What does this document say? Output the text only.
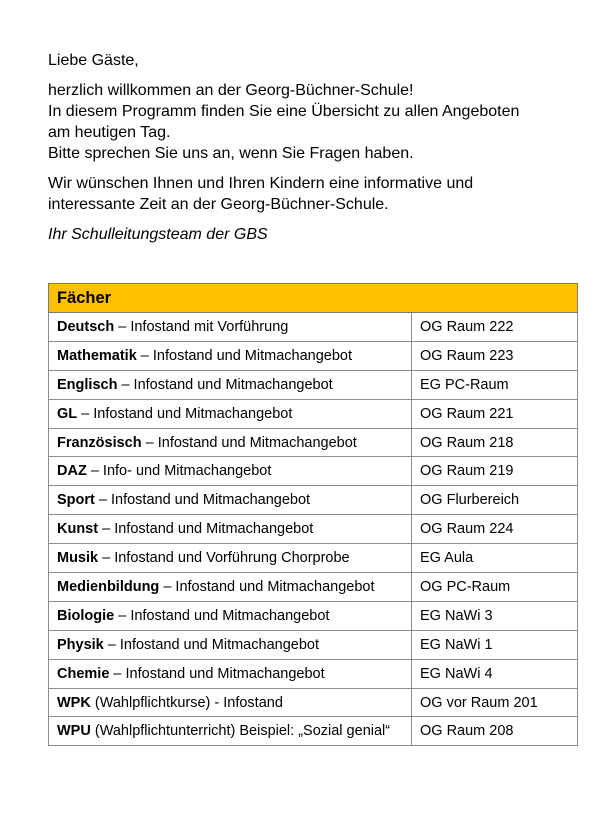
Liebe Gäste,

herzlich willkommen an der Georg-Büchner-Schule!
In diesem Programm finden Sie eine Übersicht zu allen Angeboten
am heutigen Tag.
Bitte sprechen Sie uns an, wenn Sie Fragen haben.

Wir wünschen Ihnen und Ihren Kindern eine informative und
interessante Zeit an der Georg-Büchner-Schule.

Ihr Schulleitungsteam der GBS

Fächer	
Deutsch – Infostand mit Vorführung	OG Raum 222
Mathematik – Infostand und Mitmachangebot	OG Raum 223
Englisch – Infostand und Mitmachangebot	EG PC-Raum
GL – Infostand und Mitmachangebot	OG Raum 221
Französisch – Infostand und Mitmachangebot	OG Raum 218
DAZ – Info- und Mitmachangebot	OG Raum 219
Sport – Infostand und Mitmachangebot	OG Flurbereich
Kunst – Infostand und Mitmachangebot	OG Raum 224
Musik – Infostand und Vorführung Chorprobe	EG Aula
Medienbildung – Infostand und Mitmachangebot	OG PC-Raum
Biologie – Infostand und Mitmachangebot	EG NaWi 3
Physik – Infostand und Mitmachangebot	EG NaWi 1
Chemie – Infostand und Mitmachangebot	EG NaWi 4
WPK (Wahlpflichtkurse) - Infostand	OG vor Raum 201
WPU (Wahlpflichtunterricht) Beispiel: „Sozial genial“	OG Raum 208
